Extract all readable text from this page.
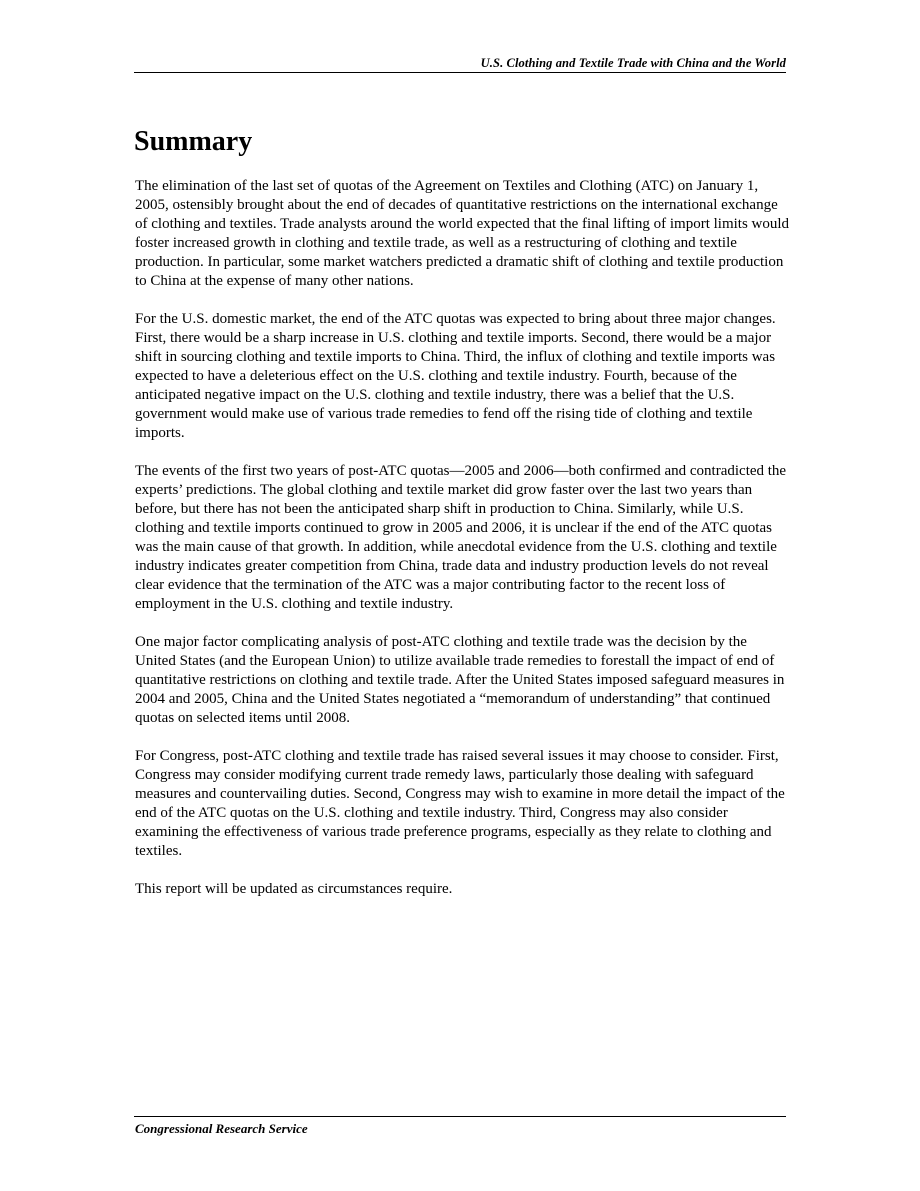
U.S. Clothing and Textile Trade with China and the World
Summary

The elimination of the last set of quotas of the Agreement on Textiles and Clothing (ATC) on January 1, 2005, ostensibly brought about the end of decades of quantitative restrictions on the international exchange of clothing and textiles. Trade analysts around the world expected that the final lifting of import limits would foster increased growth in clothing and textile trade, as well as a restructuring of clothing and textile production. In particular, some market watchers predicted a dramatic shift of clothing and textile production to China at the expense of many other nations.

For the U.S. domestic market, the end of the ATC quotas was expected to bring about three major changes. First, there would be a sharp increase in U.S. clothing and textile imports. Second, there would be a major shift in sourcing clothing and textile imports to China. Third, the influx of clothing and textile imports was expected to have a deleterious effect on the U.S. clothing and textile industry. Fourth, because of the anticipated negative impact on the U.S. clothing and textile industry, there was a belief that the U.S. government would make use of various trade remedies to fend off the rising tide of clothing and textile imports.

The events of the first two years of post-ATC quotas—2005 and 2006—both confirmed and contradicted the experts’ predictions. The global clothing and textile market did grow faster over the last two years than before, but there has not been the anticipated sharp shift in production to China. Similarly, while U.S. clothing and textile imports continued to grow in 2005 and 2006, it is unclear if the end of the ATC quotas was the main cause of that growth. In addition, while anecdotal evidence from the U.S. clothing and textile industry indicates greater competition from China, trade data and industry production levels do not reveal clear evidence that the termination of the ATC was a major contributing factor to the recent loss of employment in the U.S. clothing and textile industry.

One major factor complicating analysis of post-ATC clothing and textile trade was the decision by the United States (and the European Union) to utilize available trade remedies to forestall the impact of end of quantitative restrictions on clothing and textile trade. After the United States imposed safeguard measures in 2004 and 2005, China and the United States negotiated a “memorandum of understanding” that continued quotas on selected items until 2008.

For Congress, post-ATC clothing and textile trade has raised several issues it may choose to consider. First, Congress may consider modifying current trade remedy laws, particularly those dealing with safeguard measures and countervailing duties. Second, Congress may wish to examine in more detail the impact of the end of the ATC quotas on the U.S. clothing and textile industry. Third, Congress may also consider examining the effectiveness of various trade preference programs, especially as they relate to clothing and textiles.

This report will be updated as circumstances require.

Congressional Research Service
